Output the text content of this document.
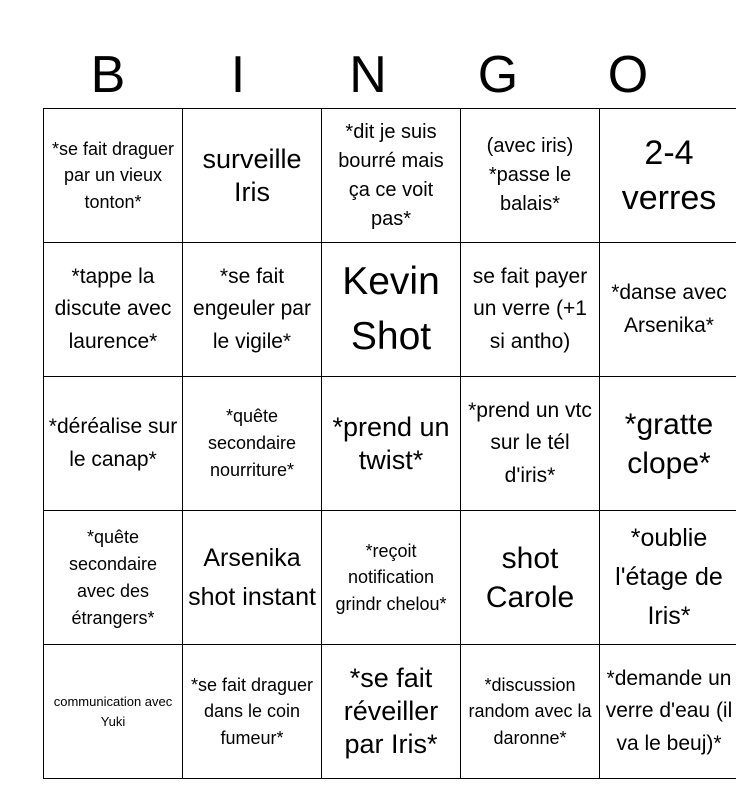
B	I	N	G	O
*se fait draguer par un vieux tonton*	surveille Iris	*dit je suis bourré mais ça ce voit pas*	(avec iris) *passe le balais*	2-4 verres
*tappe la discute avec laurence*	*se fait engeuler par le vigile*	Kevin Shot	se fait payer un verre (+1 si antho)	*danse avec Arsenika*
*déréalise sur le canap*	*quête secondaire nourriture*	*prend un twist*	*prend un vtc sur le tél d'iris*	*gratte clope*
*quête secondaire avec des étrangers*	Arsenika shot instant	*reçoit notification grindr chelou*	shot Carole	*oublie l'étage de Iris*
communication avec Yuki	*se fait draguer dans le coin fumeur*	*se fait réveiller par Iris*	*discussion random avec la daronne*	*demande un verre d'eau (il va le beuj)*
